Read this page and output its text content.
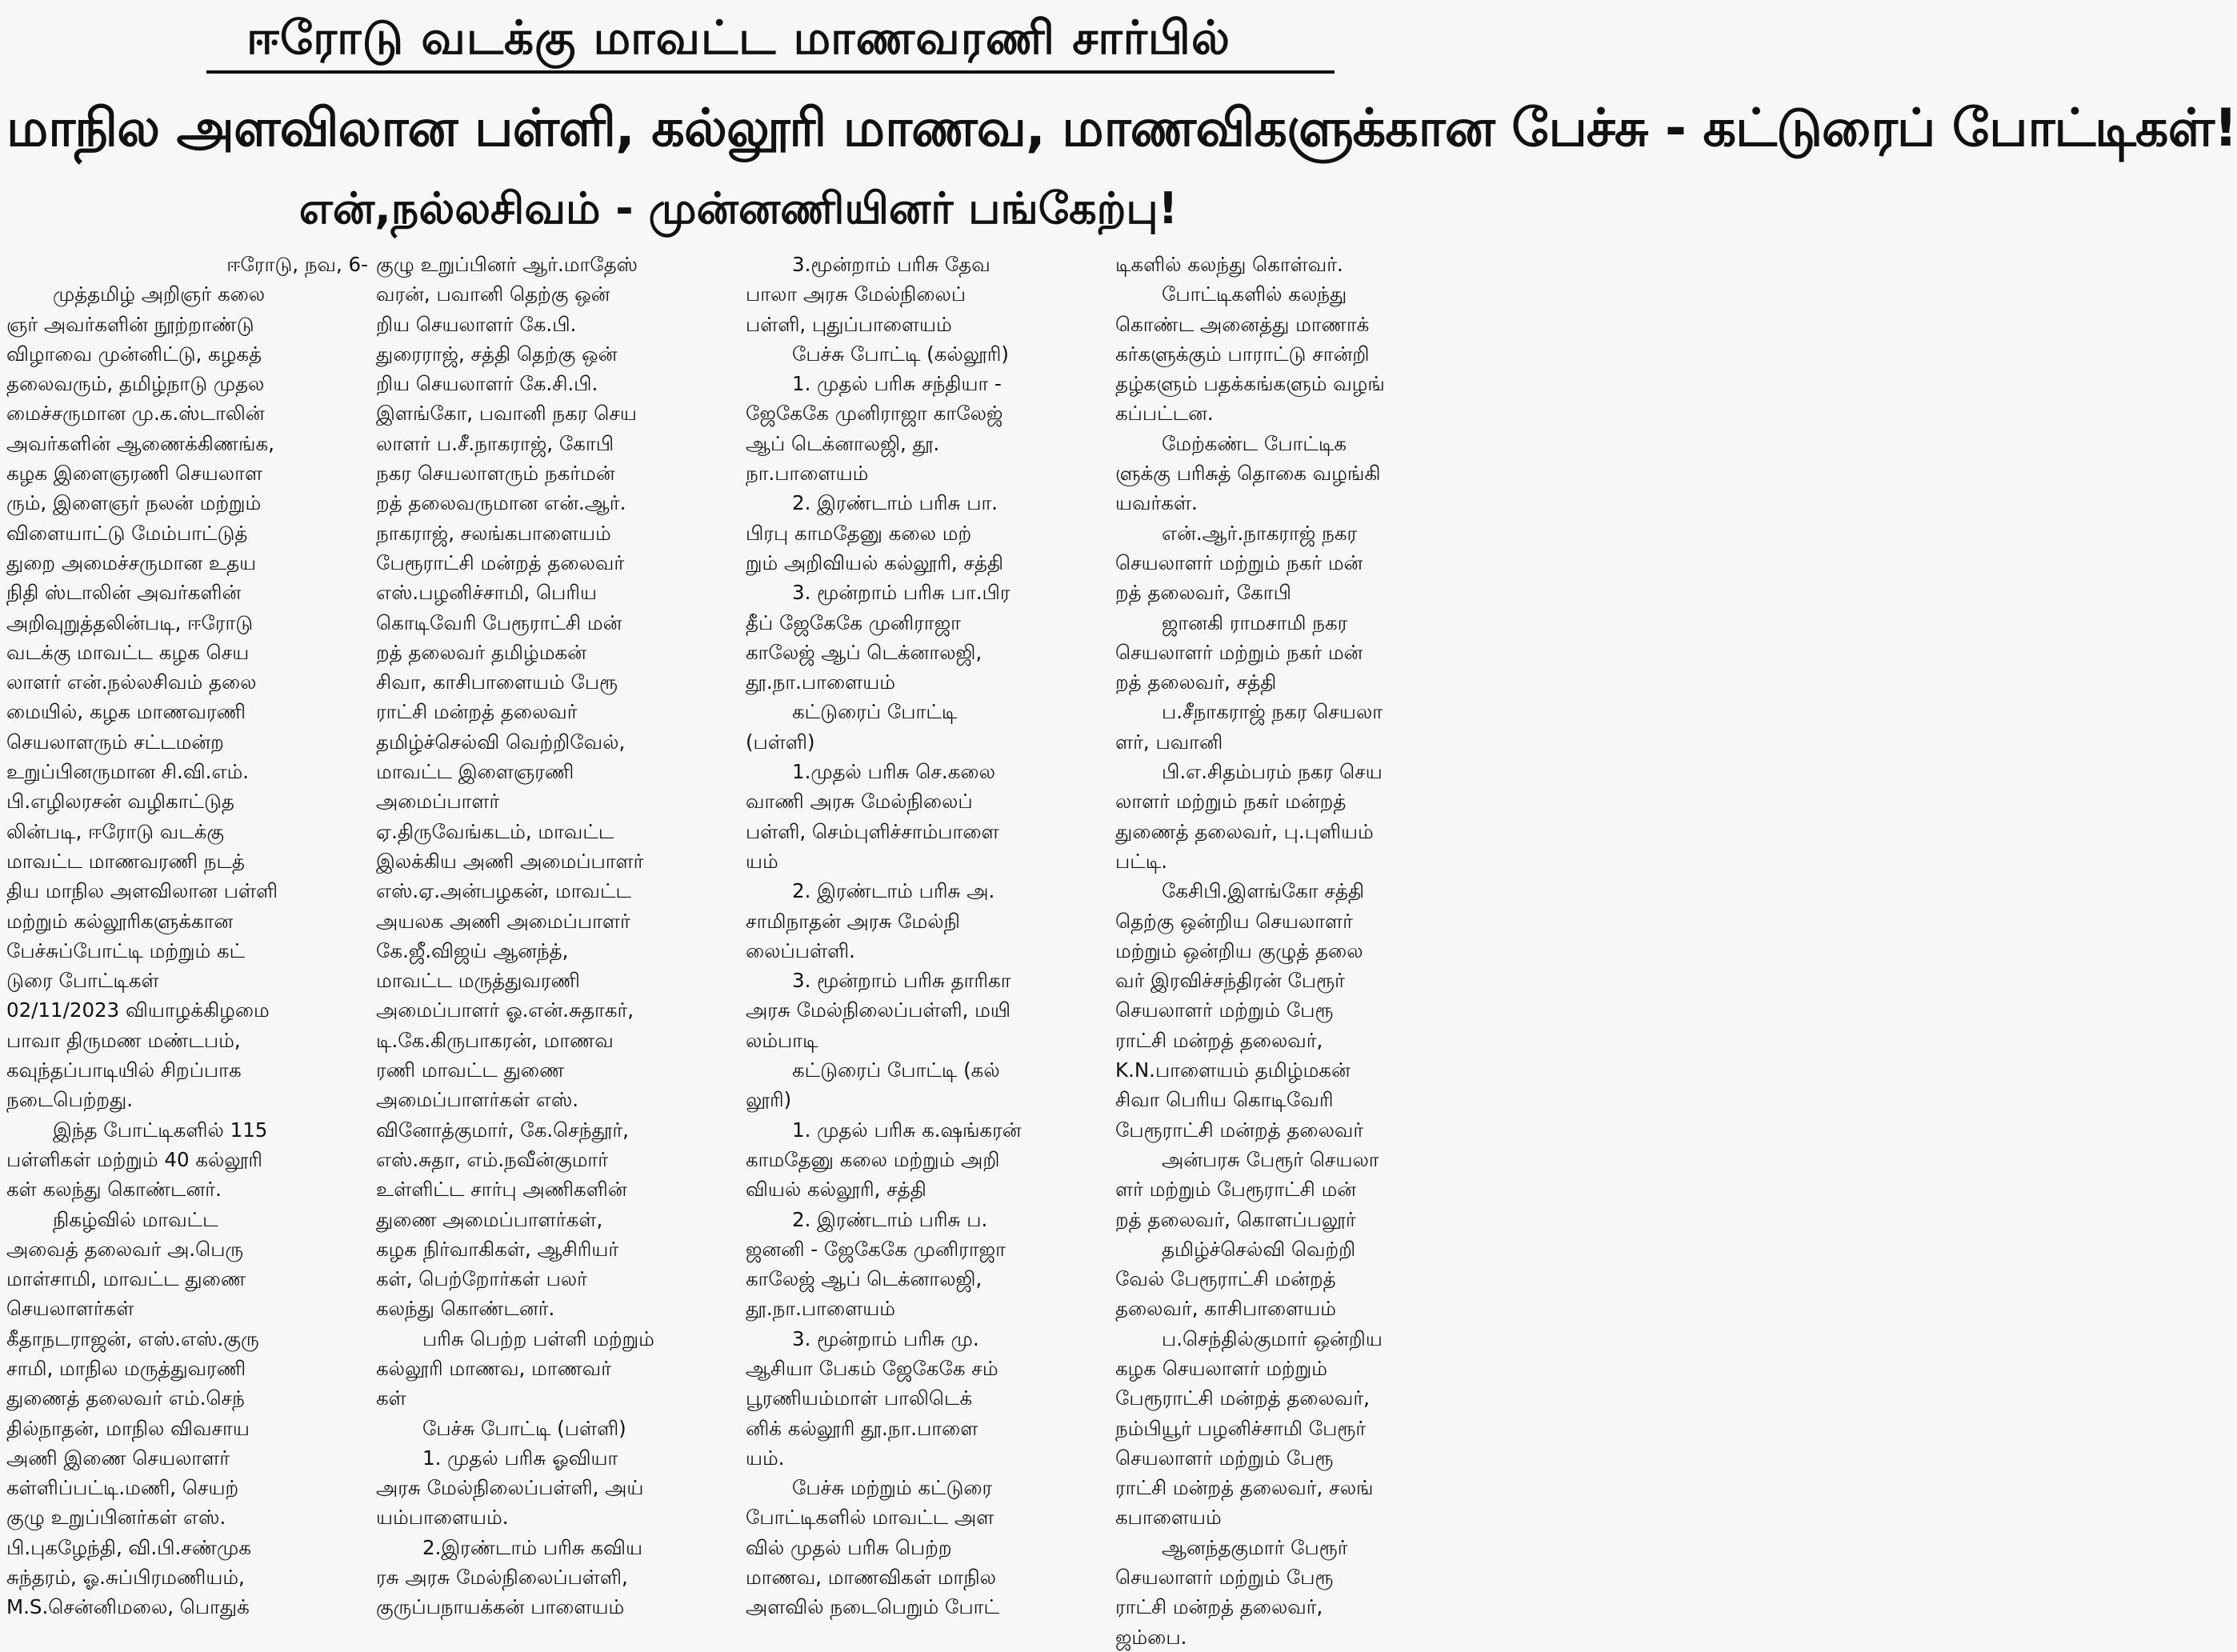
ஈரோடு வடக்கு மாவட்ட மாணவரணி சார்பில்
மாநில அளவிலான பள்ளி, கல்லூரி மாணவ, மாணவிகளுக்கான பேச்சு - கட்டுரைப் போட்டிகள்!
என்,நல்லசிவம் - முன்னணியினர் பங்கேற்பு!
ஈரோடு, நவ, 6-
முத்தமிழ் அறிஞர் கலை
ஞர் அவர்களின் நூற்றாண்டு
விழாவை முன்னிட்டு, கழகத்
தலைவரும், தமிழ்நாடு முதல
மைச்சருமான மு.க.ஸ்டாலின்
அவர்களின் ஆணைக்கிணங்க,
கழக இளைஞரணி செயலாள
ரும், இளைஞர் நலன் மற்றும்
விளையாட்டு மேம்பாட்டுத்
துறை அமைச்சருமான உதய
நிதி ஸ்டாலின் அவர்களின்
அறிவுறுத்தலின்படி, ஈரோடு
வடக்கு மாவட்ட கழக செய
லாளர் என்.நல்லசிவம் தலை
மையில், கழக மாணவரணி
செயலாளரும் சட்டமன்ற
உறுப்பினருமான சி.வி.எம்.
பி.எழிலரசன் வழிகாட்டுத
லின்படி, ஈரோடு வடக்கு
மாவட்ட மாணவரணி நடத்
திய மாநில அளவிலான பள்ளி
மற்றும் கல்லூரிகளுக்கான
பேச்சுப்போட்டி மற்றும் கட்
டுரை போட்டிகள்
02/11/2023 வியாழக்கிழமை
பாவா திருமண மண்டபம்,
கவுந்தப்பாடியில் சிறப்பாக
நடைபெற்றது.
இந்த போட்டிகளில் 115
பள்ளிகள் மற்றும் 40 கல்லூரி
கள் கலந்து கொண்டனர்.
நிகழ்வில் மாவட்ட
அவைத் தலைவர் அ.பெரு
மாள்சாமி, மாவட்ட துணை
செயலாளர்கள்
கீதாநடராஜன், எஸ்.எஸ்.குரு
சாமி, மாநில மருத்துவரணி
துணைத் தலைவர் எம்.செந்
தில்நாதன், மாநில விவசாய
அணி இணை செயலாளர்
கள்ளிப்பட்டி.மணி, செயற்
குழு உறுப்பினர்கள் எஸ்.
பி.புகழேந்தி, வி.பி.சண்முக
சுந்தரம், ஓ.சுப்பிரமணியம்,
M.S.சென்னிமலை, பொதுக்
குழு உறுப்பினர் ஆர்.மாதேஸ்
வரன், பவானி தெற்கு ஒன்
றிய செயலாளர் கே.பி.
துரைராஜ், சத்தி தெற்கு ஒன்
றிய செயலாளர் கே.சி.பி.
இளங்கோ, பவானி நகர செய
லாளர் ப.சீ.நாகராஜ், கோபி
நகர செயலாளரும் நகர்மன்
றத் தலைவருமான என்.ஆர்.
நாகராஜ், சலங்கபாளையம்
பேரூராட்சி மன்றத் தலைவர்
எஸ்.பழனிச்சாமி, பெரிய
கொடிவேரி பேரூராட்சி மன்
றத் தலைவர் தமிழ்மகன்
சிவா, காசிபாளையம் பேரூ
ராட்சி மன்றத் தலைவர்
தமிழ்ச்செல்வி வெற்றிவேல்,
மாவட்ட இளைஞரணி
அமைப்பாளர்
ஏ.திருவேங்கடம், மாவட்ட
இலக்கிய அணி அமைப்பாளர்
எஸ்.ஏ.அன்பழகன், மாவட்ட
அயலக அணி அமைப்பாளர்
கே.ஜீ.விஜய் ஆனந்த்,
மாவட்ட மருத்துவரணி
அமைப்பாளர் ஓ.என்.சுதாகர்,
டி.கே.கிருபாகரன், மாணவ
ரணி மாவட்ட துணை
அமைப்பாளர்கள் எஸ்.
வினோத்குமார், கே.செந்தூர்,
எஸ்.சுதா, எம்.நவீன்குமார்
உள்ளிட்ட சார்பு அணிகளின்
துணை அமைப்பாளர்கள்,
கழக நிர்வாகிகள், ஆசிரியர்
கள், பெற்றோர்கள் பலர்
கலந்து கொண்டனர்.
பரிசு பெற்ற பள்ளி மற்றும்
கல்லூரி மாணவ, மாணவர்
கள்
பேச்சு போட்டி (பள்ளி)
1. முதல் பரிசு ஓவியா
அரசு மேல்நிலைப்பள்ளி, அய்
யம்பாளையம்.
2.இரண்டாம் பரிசு கவிய
ரசு அரசு மேல்நிலைப்பள்ளி,
குருப்பநாயக்கன் பாளையம்
3.மூன்றாம் பரிசு தேவ
பாலா அரசு மேல்நிலைப்
பள்ளி, புதுப்பாளையம்
பேச்சு போட்டி (கல்லூரி)
1. முதல் பரிசு சந்தியா -
ஜேகேகே முனிராஜா காலேஜ்
ஆப் டெக்னாலஜி, தூ.
நா.பாளையம்
2. இரண்டாம் பரிசு பா.
பிரபு காமதேனு கலை மற்
றும் அறிவியல் கல்லூரி, சத்தி
3. மூன்றாம் பரிசு பா.பிர
தீப் ஜேகேகே முனிராஜா
காலேஜ் ஆப் டெக்னாலஜி,
தூ.நா.பாளையம்
கட்டுரைப் போட்டி
(பள்ளி)
1.முதல் பரிசு செ.கலை
வாணி அரசு மேல்நிலைப்
பள்ளி, செம்புளிச்சாம்பாளை
யம்
2. இரண்டாம் பரிசு அ.
சாமிநாதன் அரசு மேல்நி
லைப்பள்ளி.
3. மூன்றாம் பரிசு தாரிகா
அரசு மேல்நிலைப்பள்ளி, மயி
லம்பாடி
கட்டுரைப் போட்டி (கல்
லூரி)
1. முதல் பரிசு க.ஷங்கரன்
காமதேனு கலை மற்றும் அறி
வியல் கல்லூரி, சத்தி
2. இரண்டாம் பரிசு ப.
ஜனனி - ஜேகேகே முனிராஜா
காலேஜ் ஆப் டெக்னாலஜி,
தூ.நா.பாளையம்
3. மூன்றாம் பரிசு மு.
ஆசியா பேகம் ஜேகேகே சம்
பூரணியம்மாள் பாலிடெக்
னிக் கல்லூரி தூ.நா.பாளை
யம்.
பேச்சு மற்றும் கட்டுரை
போட்டிகளில் மாவட்ட அள
வில் முதல் பரிசு பெற்ற
மாணவ, மாணவிகள் மாநில
அளவில் நடைபெறும் போட்
டிகளில் கலந்து கொள்வர்.
போட்டிகளில் கலந்து
கொண்ட அனைத்து மாணாக்
கர்களுக்கும் பாராட்டு சான்றி
தழ்களும் பதக்கங்களும் வழங்
கப்பட்டன.
மேற்கண்ட போட்டிக
ளுக்கு பரிசுத் தொகை வழங்கி
யவர்கள்.
என்.ஆர்.நாகராஜ் நகர
செயலாளர் மற்றும் நகர் மன்
றத் தலைவர், கோபி
ஜானகி ராமசாமி நகர
செயலாளர் மற்றும் நகர் மன்
றத் தலைவர், சத்தி
ப.சீநாகராஜ் நகர செயலா
ளர், பவானி
பி.எ.சிதம்பரம் நகர செய
லாளர் மற்றும் நகர் மன்றத்
துணைத் தலைவர், பு.புளியம்
பட்டி.
கேசிபி.இளங்கோ சத்தி
தெற்கு ஒன்றிய செயலாளர்
மற்றும் ஒன்றிய குழுத் தலை
வர் இரவிச்சந்திரன் பேரூர்
செயலாளர் மற்றும் பேரூ
ராட்சி மன்றத் தலைவர்,
K.N.பாளையம் தமிழ்மகன்
சிவா பெரிய கொடிவேரி
பேரூராட்சி மன்றத் தலைவர்
அன்பரசு பேரூர் செயலா
ளர் மற்றும் பேரூராட்சி மன்
றத் தலைவர், கொளப்பலூர்
தமிழ்ச்செல்வி வெற்றி
வேல் பேரூராட்சி மன்றத்
தலைவர், காசிபாளையம்
ப.செந்தில்குமார் ஒன்றிய
கழக செயலாளர் மற்றும்
பேரூராட்சி மன்றத் தலைவர்,
நம்பியூர் பழனிச்சாமி பேரூர்
செயலாளர் மற்றும் பேரூ
ராட்சி மன்றத் தலைவர், சலங்
கபாளையம்
ஆனந்தகுமார் பேரூர்
செயலாளர் மற்றும் பேரூ
ராட்சி மன்றத் தலைவர்,
ஜம்பை.
